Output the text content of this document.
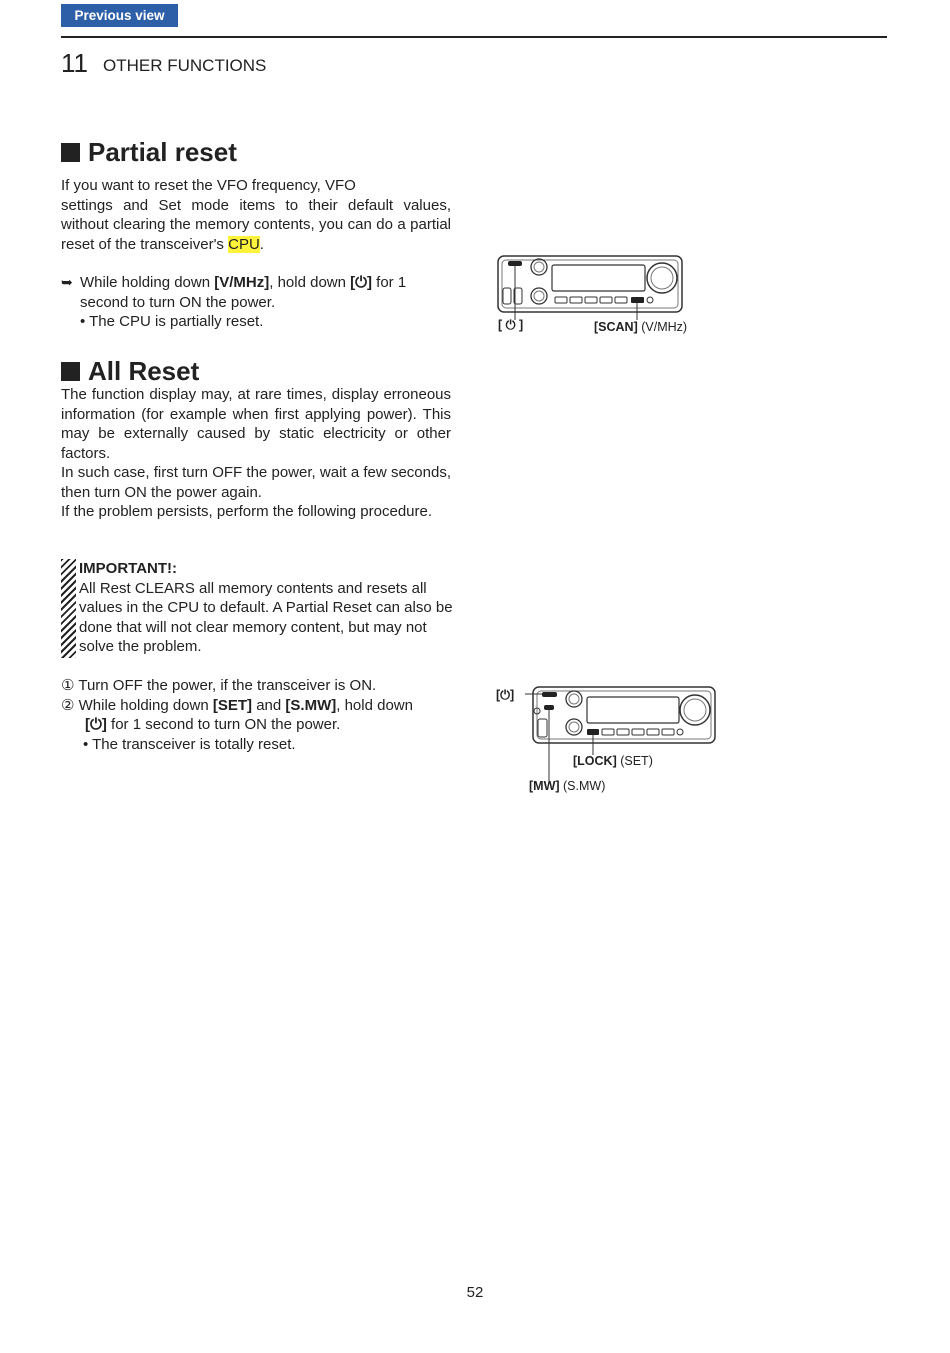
Previous view
11 OTHER FUNCTIONS
Partial reset
If you want to reset the VFO frequency, VFO
settings and Set mode items to their default values, without clearing the memory contents, you can do a partial reset of the transceiver's CPU.
➥ While holding down [V/MHz], hold down [⏻] for 1 second to turn ON the power.
• The CPU is partially reset.	[ ⏻ ]	[SCAN] (V/MHz)
All Reset
The function display may, at rare times, display erroneous information (for example when first applying power). This may be externally caused by static electricity or other factors.
In such case, first turn OFF the power, wait a few seconds, then turn ON the power again.
If the problem persists, perform the following procedure.
IMPORTANT!:
All Rest CLEARS all memory contents and resets all values in the CPU to default. A Partial Reset can also be done that will not clear memory content, but may not solve the problem.
① Turn OFF the power, if the transceiver is ON.
② While holding down [SET] and [S.MW], hold down
[⏻] for 1 second to turn ON the power.
• The transceiver is totally reset.
[⏻]
[LOCK] (SET)
[MW] (S.MW)
52
